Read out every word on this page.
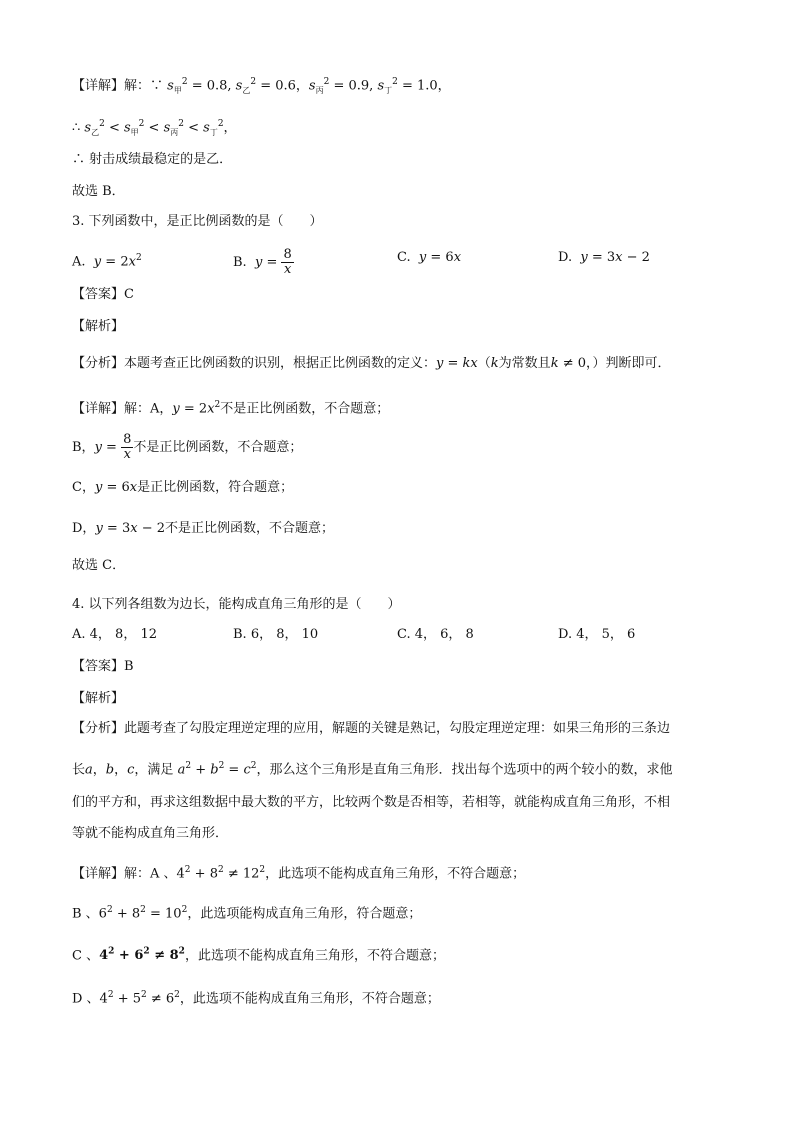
【详解】解：∵ $s_甲^2 = 0.8$, $s_乙^2 = 0.6$，$s_丙^2 = 0.9$, $s_丁^2 = 1.0$，
∴ $s_乙^2 < s_甲^2 < s_丙^2 < s_丁^2$，
∴ 射击成绩最稳定的是乙．
故选 B．
3. 下列函数中，是正比例函数的是（　　）
A.  $y = 2x^2$	B.  $y = \frac{8}{x}$	C.  y = 6x	D.  y = 3x − 2
【答案】C
【解析】
【分析】本题考查正比例函数的识别，根据正比例函数的定义：y = kx（k为常数且k ≠ 0，）判断即可．
【详解】解：A，$y = 2x^2$不是正比例函数，不合题意；
B，$y = \frac{8}{x}$ 不是正比例函数，不合题意；
C，y = 6x是正比例函数，符合题意；
D，y = 3x − 2不是正比例函数，不合题意；
故选 C．
4. 以下列各组数为边长，能构成直角三角形的是（　　）
A. 4， 8， 12	B. 6， 8， 10	C. 4， 6， 8	D. 4， 5， 6
【答案】B
【解析】
【分析】此题考查了勾股定理逆定理的应用，解题的关键是熟记，勾股定理逆定理：如果三角形的三条边
长a，b，c，满足 $a^2 + b^2 = c^2$，那么这个三角形是直角三角形．找出每个选项中的两个较小的数，求他
们的平方和，再求这组数据中最大数的平方，比较两个数是否相等，若相等，就能构成直角三角形，不相
等就不能构成直角三角形．
【详解】解：A 、$4^2 + 8^2 \ne 12^2$，此选项不能构成直角三角形，不符合题意；
B 、$6^2 + 8^2 = 10^2$，此选项能构成直角三角形，符合题意；
C 、$4^2 + 6^2 \ne 8^2$，此选项不能构成直角三角形，不符合题意；
D 、$4^2 + 5^2 \ne 6^2$，此选项不能构成直角三角形，不符合题意；
